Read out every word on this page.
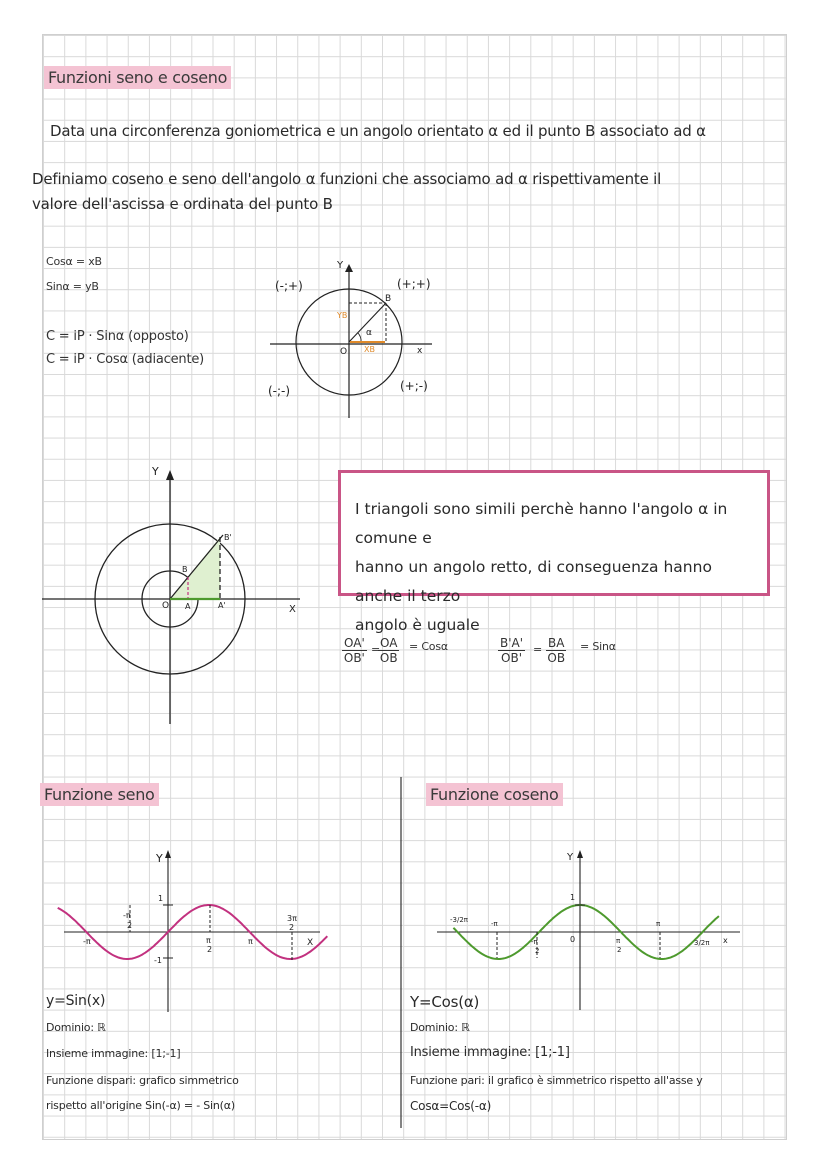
Funzioni seno e coseno
Data una circonferenza goniometrica e un angolo orientato α ed il punto B associato ad α
Definiamo coseno e seno dell'angolo α funzioni che associamo ad α rispettivamente il
valore dell'ascissa e ordinata del punto B
Cosα = xB
Sinα = yB
C = iP · Sinα (opposto)
C = iP · Cosα (adiacente)
Y
x
O
B
α
YB
XB
(+;+)
(-;+)
(-;-)	(+;-)
Y
X
O A	A'
B
B'
I triangoli sono simili perchè hanno l'angolo α in comune e
hanno un angolo retto, di conseguenza hanno anche il terzo
angolo è uguale
$\frac{OA'}{OB'}$ =
$\frac{OA}{OB} = Cos\alpha$	$\frac{B'A'}{OB'} = \frac{BA}{OB} = Sin\alpha$
Funzione seno
Y
X
1
-1
-π
-π
2
π
2
π
3π
2
y=Sin(x)
Dominio: ℝ
Insieme immagine: [1;-1]
Funzione dispari: grafico simmetrico
rispetto all'origine Sin(-α) = - Sin(α)
Funzione coseno
Y
x
0
1
-3/2π	-π
-π
2
π
2
π
3/2π
Y=Cos(α)
Dominio: ℝ
Insieme immagine: [1;-1]
Funzione pari: il grafico è simmetrico rispetto all'asse y
Cosα=Cos(-α)
